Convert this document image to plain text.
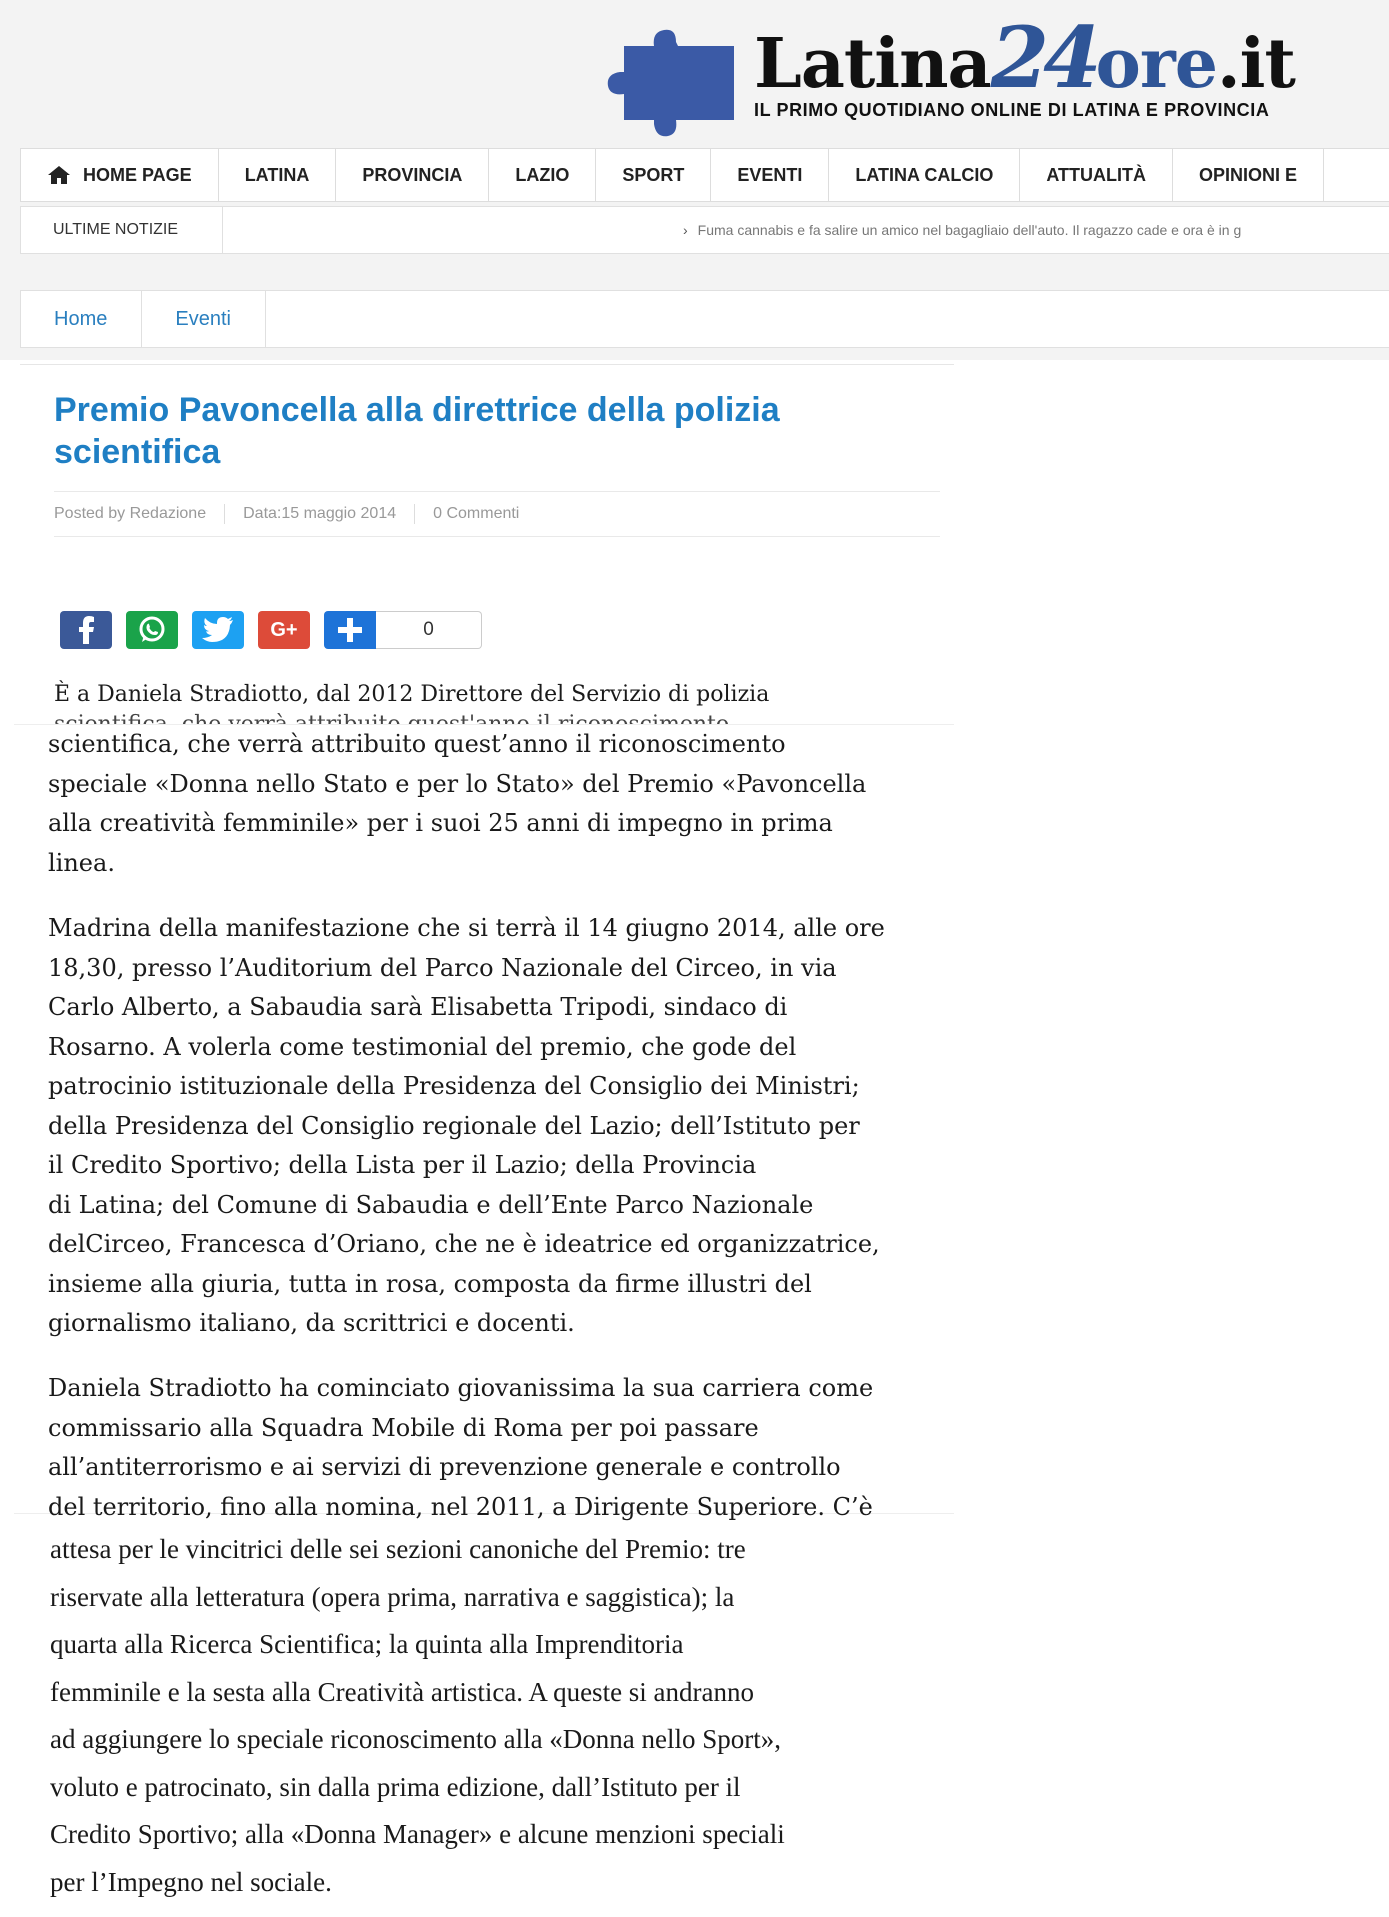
Latina24ore.it
IL PRIMO QUOTIDIANO ONLINE DI LATINA E PROVINCIA
HOME PAGE	LATINA	PROVINCIA	LAZIO	SPORT	EVENTI	LATINA CALCIO	ATTUALITÀ	OPINIONI E
ULTIME NOTIZIE	› Fuma cannabis e fa salire un amico nel bagagliaio dell'auto. Il ragazzo cade e ora è in g
Home	Eventi
Premio Pavoncella alla direttrice della polizia scientifica
Posted by Redazione Data:15 maggio 2014 0 Commenti
G+	0
È a Daniela Stradiotto, dal 2012 Direttore del Servizio di polizia
scientifica, che verrà attribuito quest’anno il riconoscimento
speciale «Donna nello Stato e per lo Stato» del Premio «Pavoncella
alla creatività femminile» per i suoi 25 anni di impegno in prima
linea.
Madrina della manifestazione che si terrà il 14 giugno 2014, alle ore
18,30, presso l’Auditorium del Parco Nazionale del Circeo, in via
Carlo Alberto, a Sabaudia sarà Elisabetta Tripodi, sindaco di
Rosarno. A volerla come testimonial del premio, che gode del
patrocinio istituzionale della Presidenza del Consiglio dei Ministri;
della Presidenza del Consiglio regionale del Lazio; dell’Istituto per
il Credito Sportivo; della Lista per il Lazio; della Provincia
di Latina; del Comune di Sabaudia e dell’Ente Parco Nazionale
delCirceo, Francesca d’Oriano, che ne è ideatrice ed organizzatrice,
insieme alla giuria, tutta in rosa, composta da firme illustri del
giornalismo italiano, da scrittrici e docenti.
Daniela Stradiotto ha cominciato giovanissima la sua carriera come
commissario alla Squadra Mobile di Roma per poi passare
all’antiterrorismo e ai servizi di prevenzione generale e controllo
del territorio, fino alla nomina, nel 2011, a Dirigente Superiore. C’è
attesa per le vincitrici delle sei sezioni canoniche del Premio: tre
riservate alla letteratura (opera prima, narrativa e saggistica); la
quarta alla Ricerca Scientifica; la quinta alla Imprenditoria
femminile e la sesta alla Creatività artistica. A queste si andranno
ad aggiungere lo speciale riconoscimento alla «Donna nello Sport»,
voluto e patrocinato, sin dalla prima edizione, dall’Istituto per il
Credito Sportivo; alla «Donna Manager» e alcune menzioni speciali
per l’Impegno nel sociale.
